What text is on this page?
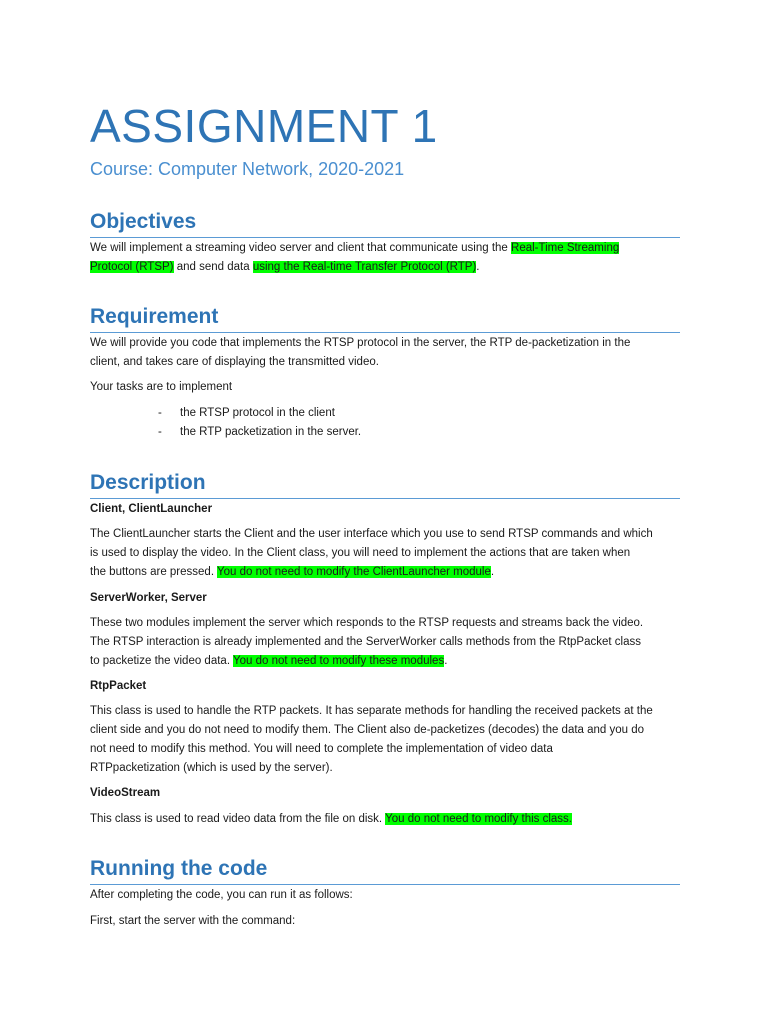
ASSIGNMENT 1
Course: Computer Network, 2020-2021
Objectives

We will implement a streaming video server and client that communicate using the Real-Time Streaming
Protocol (RTSP) and send data using the Real-time Transfer Protocol (RTP).

Requirement

We will provide you code that implements the RTSP protocol in the server, the RTP de-packetization in the
client, and takes care of displaying the transmitted video.

Your tasks are to implement

- the RTSP protocol in the client

- the RTP packetization in the server.

Description

Client, ClientLauncher

The ClientLauncher starts the Client and the user interface which you use to send RTSP commands and which
is used to display the video. In the Client class, you will need to implement the actions that are taken when
the buttons are pressed. You do not need to modify the ClientLauncher module.

ServerWorker, Server

These two modules implement the server which responds to the RTSP requests and streams back the video.
The RTSP interaction is already implemented and the ServerWorker calls methods from the RtpPacket class
to packetize the video data. You do not need to modify these modules.

RtpPacket

This class is used to handle the RTP packets. It has separate methods for handling the received packets at the
client side and you do not need to modify them. The Client also de-packetizes (decodes) the data and you do
not need to modify this method. You will need to complete the implementation of video data
RTPpacketization (which is used by the server).

VideoStream

This class is used to read video data from the file on disk. You do not need to modify this class.

Running the code

After completing the code, you can run it as follows:

First, start the server with the command:
